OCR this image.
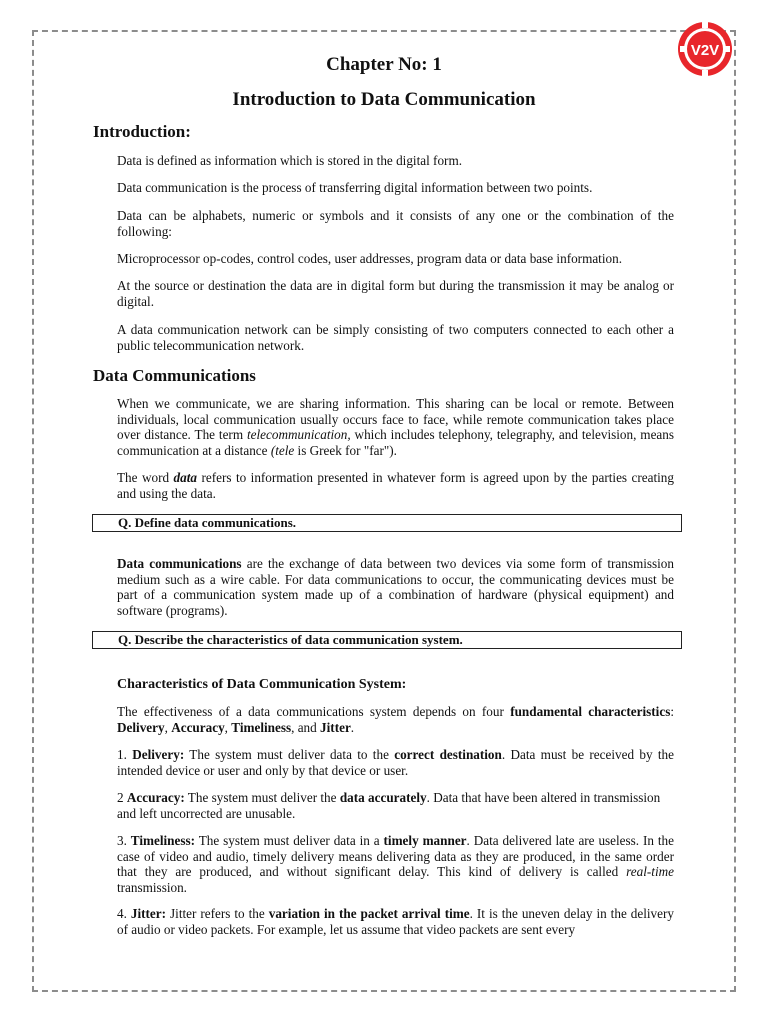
V2V

Chapter No: 1

Introduction to Data Communication

Introduction:

Data is defined as information which is stored in the digital form.

Data communication is the process of transferring digital information between two points.

Data can be alphabets, numeric or symbols and it consists of any one or the combination of the following:

Microprocessor op-codes, control codes, user addresses, program data or data base information.

At the source or destination the data are in digital form but during the transmission it may be analog or digital.

A data communication network can be simply consisting of two computers connected to each other a public telecommunication network.

Data Communications

When we communicate, we are sharing information. This sharing can be local or remote. Between individuals, local communication usually occurs face to face, while remote communication takes place over distance. The term telecommunication, which includes telephony, telegraphy, and television, means communication at a distance (tele is Greek for "far").

The word data refers to information presented in whatever form is agreed upon by the parties creating and using the data.

Q. Define data communications.

Data communications are the exchange of data between two devices via some form of transmission medium such as a wire cable. For data communications to occur, the communicating devices must be part of a communication system made up of a combination of hardware (physical equipment) and software (programs).

Q. Describe the characteristics of data communication system.

Characteristics of Data Communication System:

The effectiveness of a data communications system depends on four fundamental characteristics: Delivery, Accuracy, Timeliness, and Jitter.

1. Delivery: The system must deliver data to the correct destination. Data must be received by the intended device or user and only by that device or user.

2 Accuracy: The system must deliver the data accurately. Data that have been altered in transmission and left uncorrected are unusable.

3. Timeliness: The system must deliver data in a timely manner. Data delivered late are useless. In the case of video and audio, timely delivery means delivering data as they are produced, in the same order that they are produced, and without significant delay. This kind of delivery is called real-time transmission.

4. Jitter: Jitter refers to the variation in the packet arrival time. It is the uneven delay in the delivery of audio or video packets. For example, let us assume that video packets are sent every
